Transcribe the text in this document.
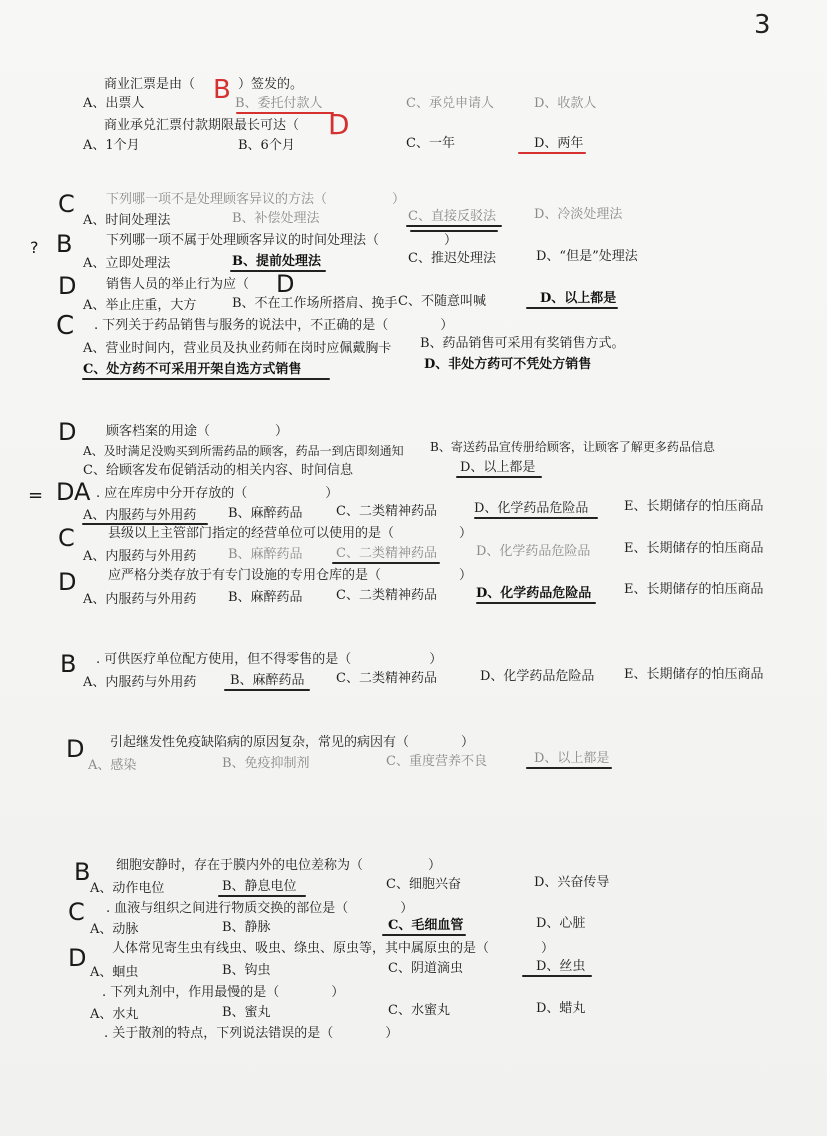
3
商业汇票是由（ B ）签发的。
A、出票人	B、委托付款人	C、承兑申请人	D、收款人
商业承兑汇票付款期限最长可达（ D
A、1个月	B、6个月	C、一年	D、两年
C 下列哪一项不是处理顾客异议的方法（　　　　　）
A、时间处理法	B、补偿处理法	C、直接反驳法	D、冷淡处理法
? B	下列哪一项不属于处理顾客异议的时间处理法（　　　　　）
A、立即处理法	B、提前处理法	C、推迟处理法	D、“但是”处理法
D 销售人员的举止行为应（ D
A、举止庄重，大方	B、不在工作场所搭肩、挽手 C、不随意叫喊	D、以上都是
C . 下列关于药品销售与服务的说法中，不正确的是（　　　　）
A、营业时间内，营业员及执业药师在岗时应佩戴胸卡 B、药品销售可采用有奖销售方式。
C、处方药不可采用开架自选方式销售	D、非处方药可不凭处方销售
D 顾客档案的用途（　　　　　）
A、及时满足没购买到所需药品的顾客，药品一到店即刻通知 B、寄送药品宣传册给顾客，让顾客了解更多药品信息
C、给顾客发布促销活动的相关内容、时间信息	D、以上都是
= D A . 应在库房中分开存放的（　　　　　　）
A、内服药与外用药 B、麻醉药品	C、二类精神药品	D、化学药品危险品	E、长期储存的怕压商品
C	县级以上主管部门指定的经营单位可以使用的是（　　　　　）
A、内服药与外用药 B、麻醉药品	C、二类精神药品	D、化学药品危险品	E、长期储存的怕压商品
D 应严格分类存放于有专门设施的专用仓库的是（　　　　　　）
A、内服药与外用药 B、麻醉药品	C、二类精神药品	D、化学药品危险品	E、长期储存的怕压商品
B . 可供医疗单位配方使用，但不得零售的是（　　　　　　）
A、内服药与外用药	B、麻醉药品 C、二类精神药品	D、化学药品危险品 E、长期储存的怕压商品
D 引起继发性免疫缺陷病的原因复杂，常见的病因有（　　　　）
A、感染	B、免疫抑制剂	C、重度营养不良	D、以上都是
B 细胞安静时，存在于膜内外的电位差称为（　　　　　）
A、动作电位	B、静息电位	C、细胞兴奋	D、兴奋传导
C . 血液与组织之间进行物质交换的部位是（　　　　）
A、动脉	B、静脉	C、毛细血管	D、心脏
D 人体常见寄生虫有线虫、吸虫、绦虫、原虫等，其中属原虫的是（　　　　）
A、蛔虫	B、钩虫	C、阴道滴虫	D、丝虫
. 下列丸剂中，作用最慢的是（　　　　）
A、水丸	B、蜜丸	C、水蜜丸	D、蜡丸
. 关于散剂的特点，下列说法错误的是（　　　　）
